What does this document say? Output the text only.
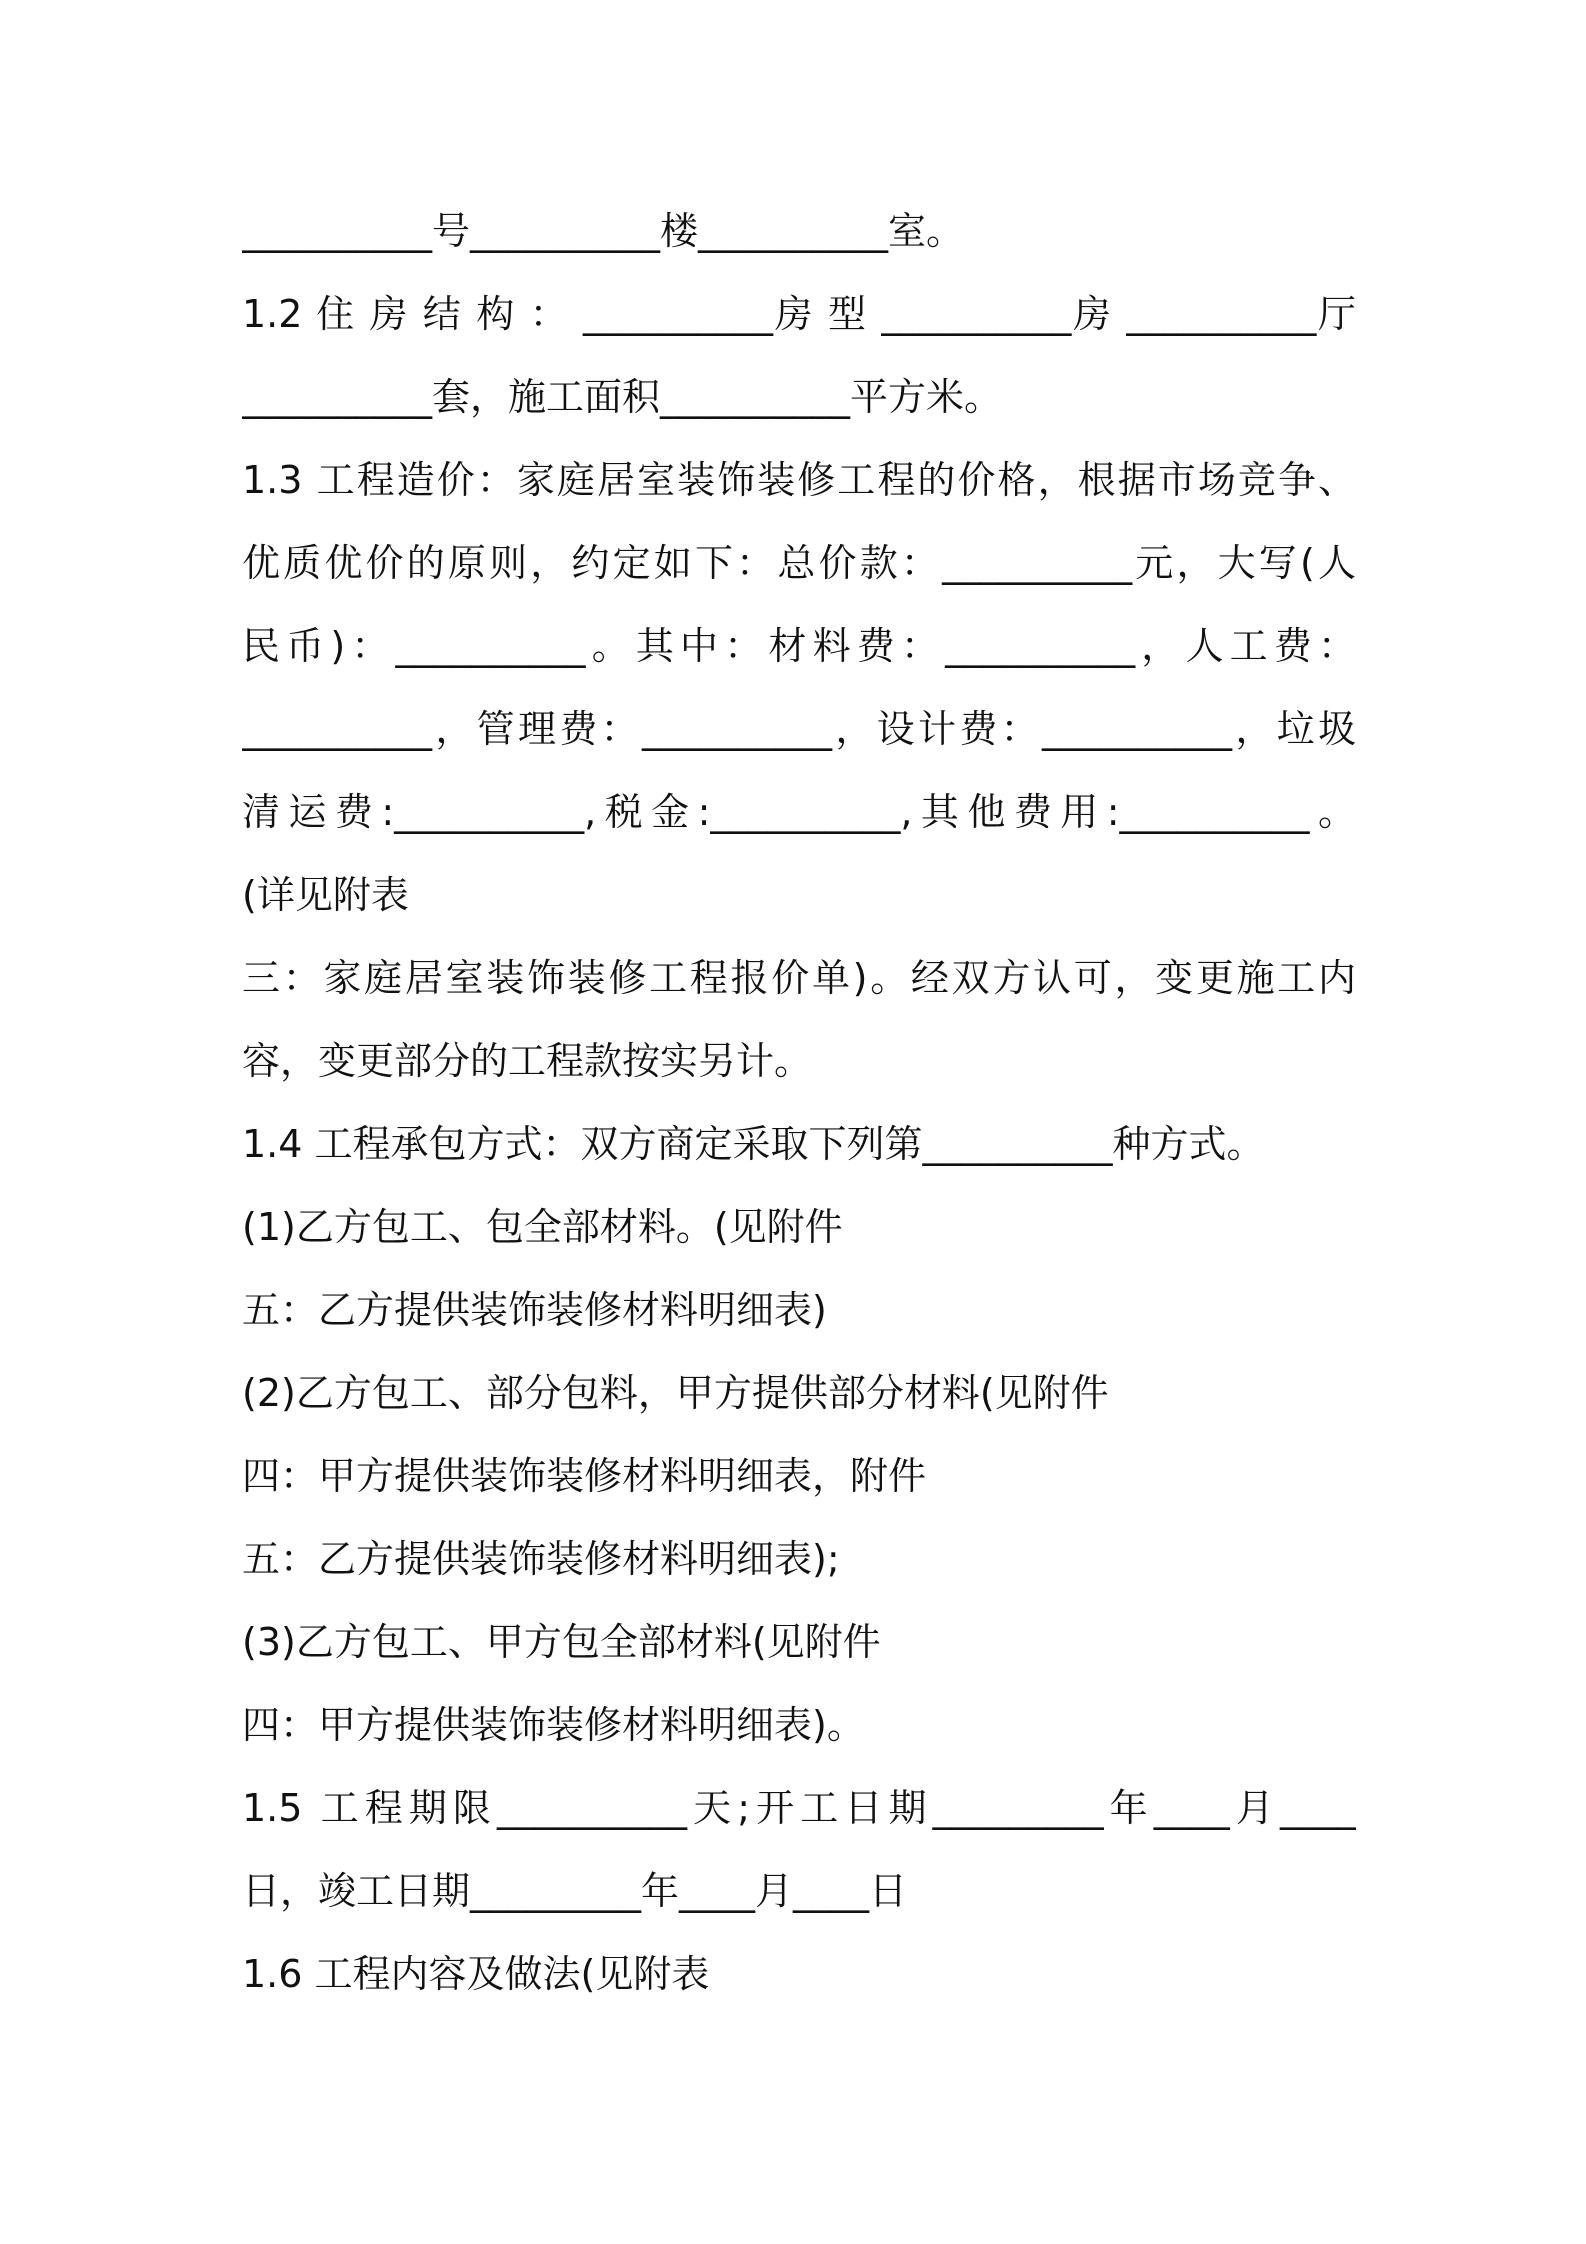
__________号__________楼__________室。

1.2 住 房 结 构 ： __________房 型 __________房 __________厅

__________套，施工面积__________平方米。

1.3 工程造价：家庭居室装饰装修工程的价格，根据市场竞争、

优质优价的原则，约定如下：总价款：__________元，大写(人

民币)：__________。其中：材料费：__________，人工费：

__________，管理费：__________，设计费：__________，垃圾

清运费:__________,税金:__________,其他费用:__________。

(详见附表

三：家庭居室装饰装修工程报价单)。经双方认可，变更施工内

容，变更部分的工程款按实另计。

1.4 工程承包方式：双方商定采取下列第__________种方式。

(1)乙方包工、包全部材料。(见附件

五：乙方提供装饰装修材料明细表)

(2)乙方包工、部分包料，甲方提供部分材料(见附件

四：甲方提供装饰装修材料明细表，附件

五：乙方提供装饰装修材料明细表);

(3)乙方包工、甲方包全部材料(见附件

四：甲方提供装饰装修材料明细表)。

1.5 工程期限__________天;开工日期_________年____月____

日，竣工日期_________年____月____日

1.6 工程内容及做法(见附表
